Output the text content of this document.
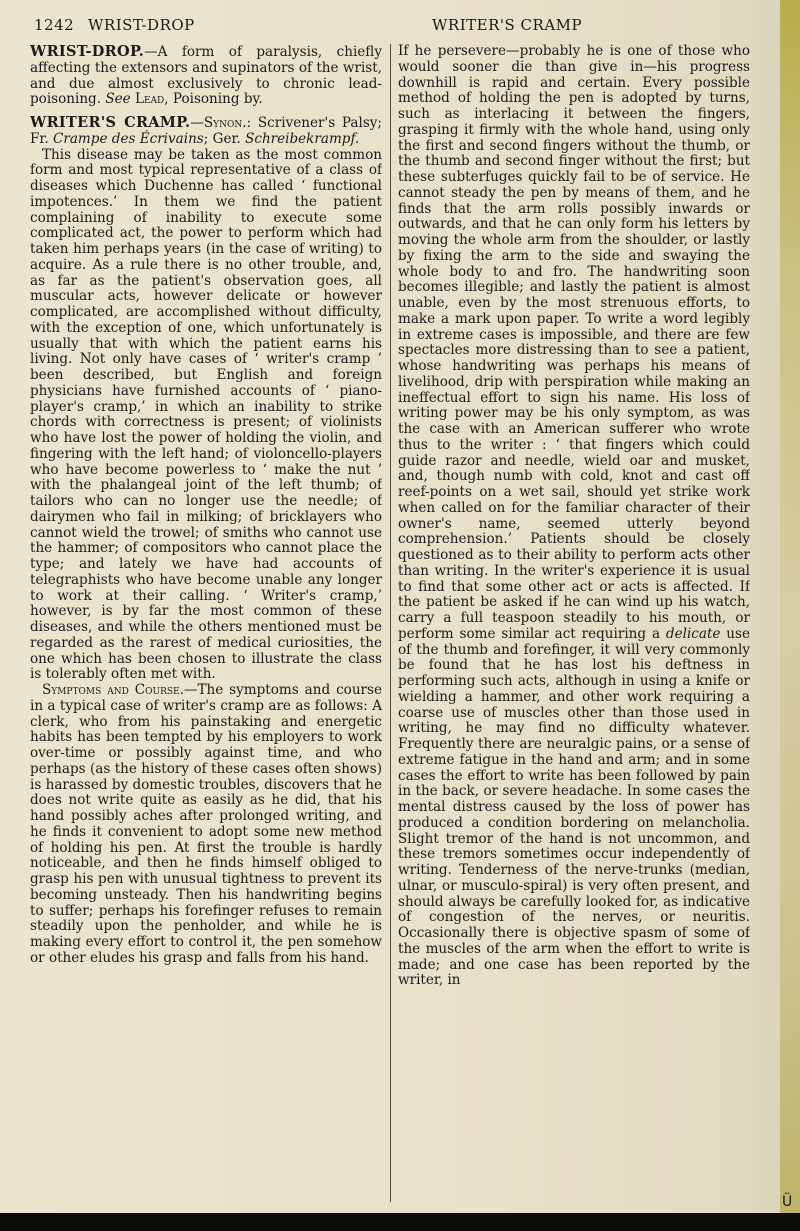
1242 WRIST-DROP	WRITER'S CRAMP

WRIST-DROP.—A form of paralysis, chiefly affecting the extensors and supinators of the wrist, and due almost exclusively to chronic lead-poisoning. See Lead, Poisoning by.

WRITER'S CRAMP.—Synon.: Scrivener's Palsy; Fr. Crampe des Écrivains; Ger. Schreibekrampf.

This disease may be taken as the most common form and most typical representative of a class of diseases which Duchenne has called ‘ functional impotences.’ In them we find the patient complaining of inability to execute some complicated act, the power to perform which had taken him perhaps years (in the case of writing) to acquire. As a rule there is no other trouble, and, as far as the patient's observation goes, all muscular acts, however delicate or however complicated, are accomplished without difficulty, with the exception of one, which unfortunately is usually that with which the patient earns his living. Not only have cases of ‘ writer's cramp ’ been described, but English and foreign physicians have furnished accounts of ‘ piano-player's cramp,’ in which an inability to strike chords with correctness is present; of violinists who have lost the power of holding the violin, and fingering with the left hand; of violoncello-players who have become powerless to ‘ make the nut ’ with the phalangeal joint of the left thumb; of tailors who can no longer use the needle; of dairymen who fail in milking; of bricklayers who cannot wield the trowel; of smiths who cannot use the hammer; of compositors who cannot place the type; and lately we have had accounts of telegraphists who have become unable any longer to work at their calling. ‘ Writer's cramp,’ however, is by far the most common of these diseases, and while the others mentioned must be regarded as the rarest of medical curiosities, the one which has been chosen to illustrate the class is tolerably often met with.

Symptoms and Course.—The symptoms and course in a typical case of writer's cramp are as follows: A clerk, who from his painstaking and energetic habits has been tempted by his employers to work over-time or possibly against time, and who perhaps (as the history of these cases often shows) is harassed by domestic troubles, discovers that he does not write quite as easily as he did, that his hand possibly aches after prolonged writing, and he finds it convenient to adopt some new method of holding his pen. At first the trouble is hardly noticeable, and then he finds himself obliged to grasp his pen with unusual tightness to prevent its becoming unsteady. Then his handwriting begins to suffer; perhaps his forefinger refuses to remain steadily upon the penholder, and while he is making every effort to control it, the pen somehow or other eludes his grasp and falls from his hand.

If he persevere—probably he is one of those who would sooner die than give in—his progress downhill is rapid and certain. Every possible method of holding the pen is adopted by turns, such as interlacing it between the fingers, grasping it firmly with the whole hand, using only the first and second fingers without the thumb, or the thumb and second finger without the first; but these subterfuges quickly fail to be of service. He cannot steady the pen by means of them, and he finds that the arm rolls possibly inwards or outwards, and that he can only form his letters by moving the whole arm from the shoulder, or lastly by fixing the arm to the side and swaying the whole body to and fro. The handwriting soon becomes illegible; and lastly the patient is almost unable, even by the most strenuous efforts, to make a mark upon paper. To write a word legibly in extreme cases is impossible, and there are few spectacles more distressing than to see a patient, whose handwriting was perhaps his means of livelihood, drip with perspiration while making an ineffectual effort to sign his name. His loss of writing power may be his only symptom, as was the case with an American sufferer who wrote thus to the writer : ‘ that fingers which could guide razor and needle, wield oar and musket, and, though numb with cold, knot and cast off reef-points on a wet sail, should yet strike work when called on for the familiar character of their owner's name, seemed utterly beyond comprehension.’ Patients should be closely questioned as to their ability to perform acts other than writing. In the writer's experience it is usual to find that some other act or acts is affected. If the patient be asked if he can wind up his watch, carry a full teaspoon steadily to his mouth, or perform some similar act requiring a delicate use of the thumb and forefinger, it will very commonly be found that he has lost his deftness in performing such acts, although in using a knife or wielding a hammer, and other work requiring a coarse use of muscles other than those used in writing, he may find no difficulty whatever. Frequently there are neuralgic pains, or a sense of extreme fatigue in the hand and arm; and in some cases the effort to write has been followed by pain in the back, or severe headache. In some cases the mental distress caused by the loss of power has produced a condition bordering on melancholia. Slight tremor of the hand is not uncommon, and these tremors sometimes occur independently of writing. Tenderness of the nerve-trunks (median, ulnar, or musculo-spiral) is very often present, and should always be carefully looked for, as indicative of congestion of the nerves, or neuritis. Occasionally there is objective spasm of some of the muscles of the arm when the effort to write is made; and one case has been reported by the writer, in

Ü
